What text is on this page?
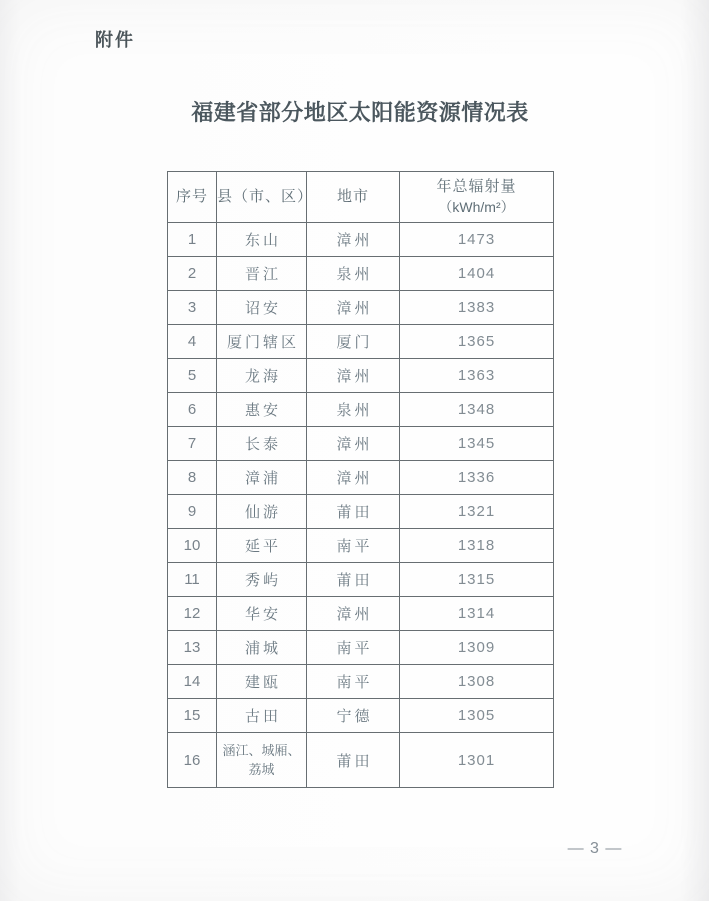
附件
福建省部分地区太阳能资源情况表
序号	县（市、区）	地市	年总辐射量
（kWh/m²）

1	东山	漳州	1473
2	晋江	泉州	1404
3	诏安	漳州	1383
4	厦门辖区	厦门	1365
5	龙海	漳州	1363
6	惠安	泉州	1348
7	长泰	漳州	1345
8	漳浦	漳州	1336
9	仙游	莆田	1321
10	延平	南平	1318
11	秀屿	莆田	1315
12	华安	漳州	1314
13	浦城	南平	1309
14	建瓯	南平	1308
15	古田	宁德	1305
16	涵江、城厢、荔城	莆田	1301
— 3 —
